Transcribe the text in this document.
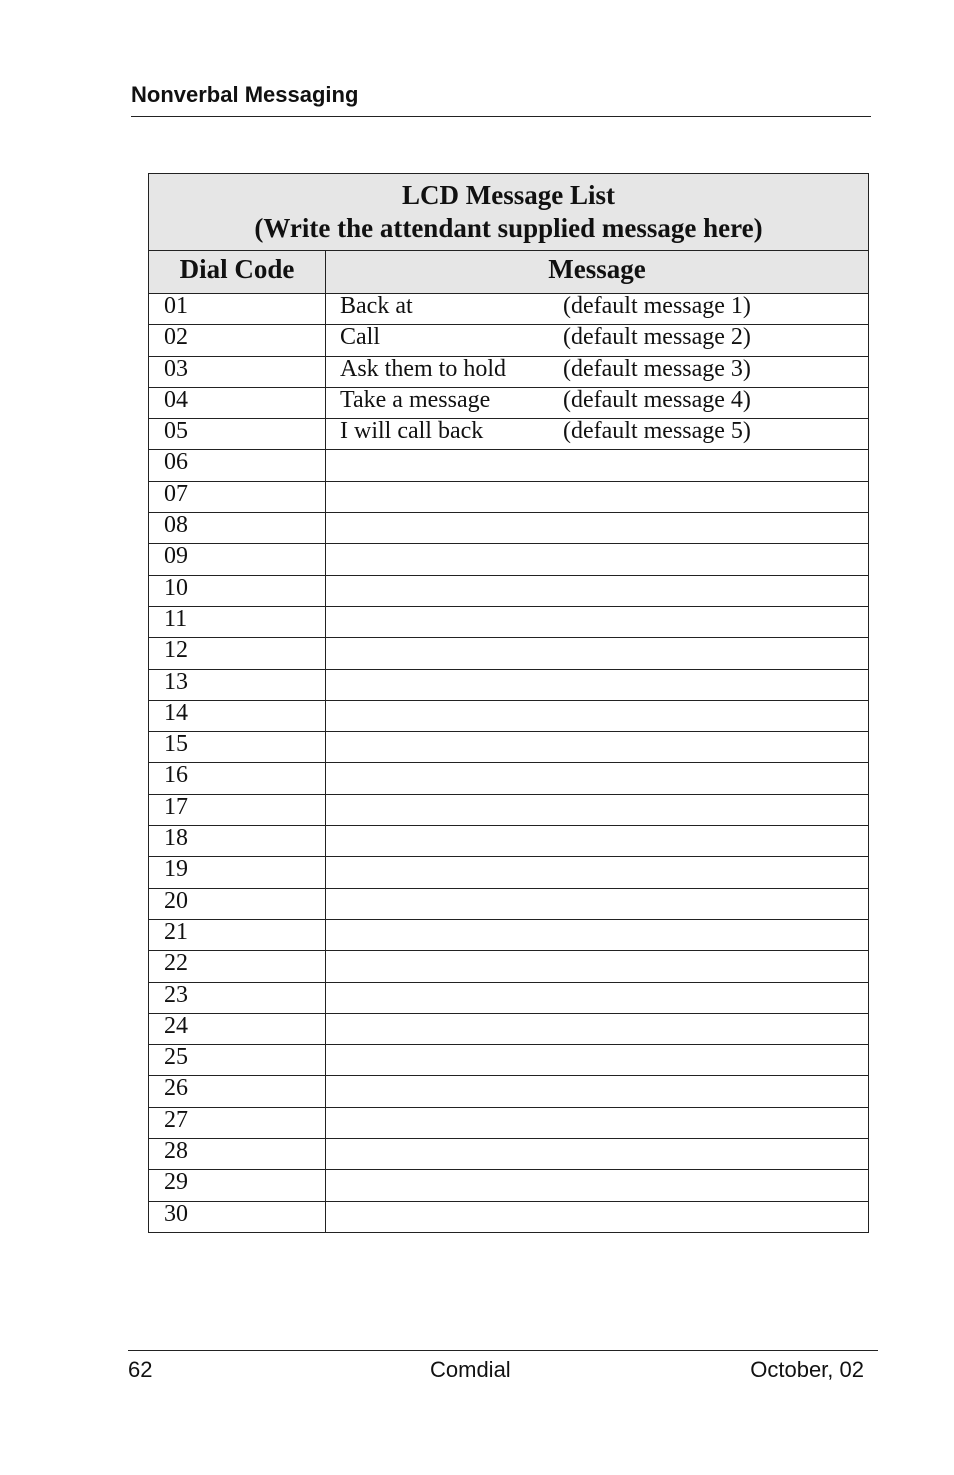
Nonverbal Messaging
LCD Message List
(Write the attendant supplied message here)	

Dial Code	Message
01	Back at (default message 1)
02	Call (default message 2)
03	Ask them to hold (default message 3)
04	Take a message (default message 4)
05	I will call back (default message 5)
06	
07	
08	
09	
10	
11	
12	
13	
14	
15	
16	
17	
18	
19	
20	
21	
22	
23	
24	
25	
26	
27	
28	
29	
30	
62	Comdial	October, 02
